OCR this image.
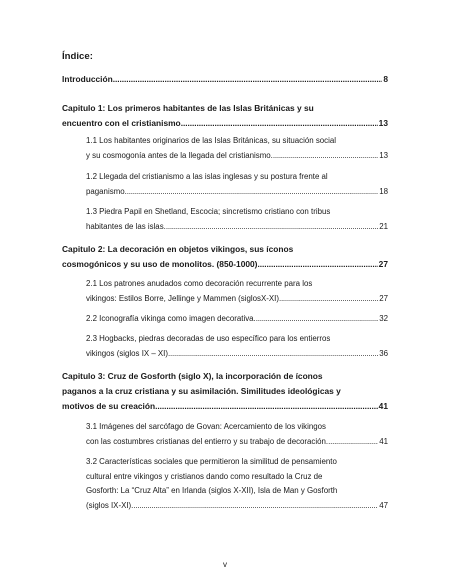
Índice:
Introducción . . .	8
Capitulo 1: Los primeros habitantes de las Islas Británicas y su
encuentro con el cristianismo . . .	13
1.1 Los habitantes originarios de las Islas Británicas, su situación social
y su cosmogonía antes de la llegada del cristianismo. . . .	13
1.2 Llegada del cristianismo a las islas inglesas y su postura frente al
paganismo. . . .	18
1.3 Piedra Papil en Shetland, Escocia; sincretismo cristiano con tribus
habitantes de las islas. . . .	21
Capitulo 2: La decoración en objetos vikingos, sus íconos
cosmogónicos y su uso de monolitos. (850-1000) . . .	27
2.1 Los patrones anudados como decoración recurrente para los
vikingos: Estilos Borre, Jellinge y Mammen (siglosX-XI) . . .	27
2.2 Iconografía vikinga como imagen decorativa. . . .	32
2.3 Hogbacks, piedras decoradas de uso específico para los entierros
vikingos (siglos IX – XI) . . .	36
Capitulo 3: Cruz de Gosforth (siglo X), la incorporación de íconos
paganos a la cruz cristiana y su asimilación. Similitudes ideológicas y
motivos de su creación . . .	41
3.1 Imágenes del sarcófago de Govan: Acercamiento de los vikingos
con las costumbres cristianas del entierro y su trabajo de decoración. . . .	41
3.2 Características sociales que permitieron la similitud de pensamiento
cultural entre vikingos y cristianos dando como resultado la Cruz de
Gosforth: La “Cruz Alta” en Irlanda (siglos X-XII), Isla de Man y Gosforth
(siglos IX-XI). . . .	47
v
